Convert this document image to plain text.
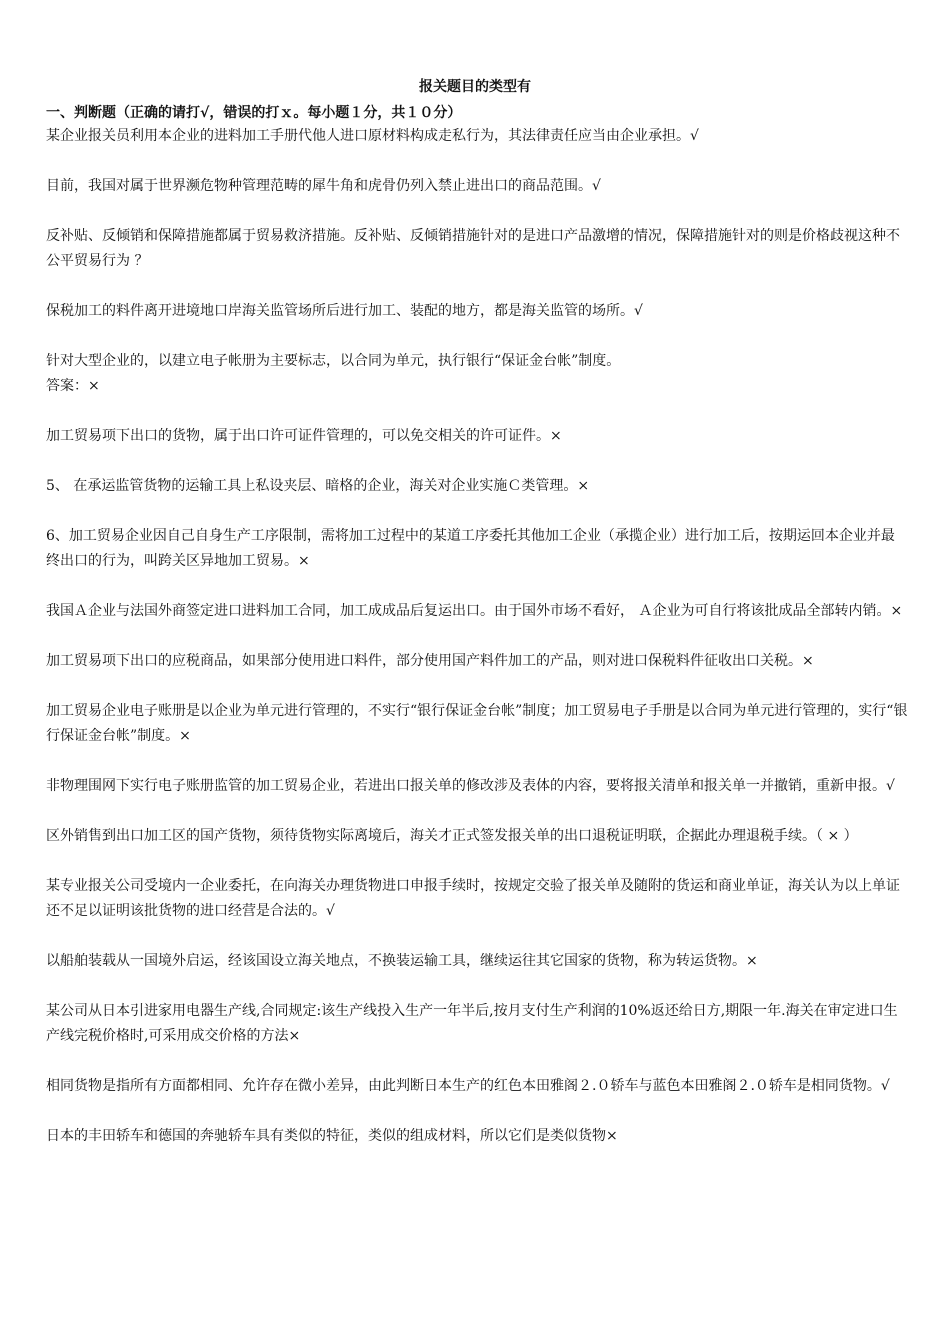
报关题目的类型有
一、判断题（正确的请打√，错误的打ｘ。每小题１分，共１０分）
某企业报关员利用本企业的进料加工手册代他人进口原材料构成走私行为，其法律责任应当由企业承担。√
目前，我国对属于世界濒危物种管理范畴的犀牛角和虎骨仍列入禁止进出口的商品范围。√
反补贴、反倾销和保障措施都属于贸易救济措施。反补贴、反倾销措施针对的是进口产品激增的情况，保障措施针对的则是价格歧视这种不公平贸易行为 ？
保税加工的料件离开进境地口岸海关监管场所后进行加工、装配的地方，都是海关监管的场所。√
针对大型企业的，以建立电子帐册为主要标志，以合同为单元，执行银行“保证金台帐”制度。
答案：×
加工贸易项下出口的货物，属于出口许可证件管理的，可以免交相关的许可证件。×
5、 在承运监管货物的运输工具上私设夹层、暗格的企业，海关对企业实施Ｃ类管理。×
6、加工贸易企业因自己自身生产工序限制，需将加工过程中的某道工序委托其他加工企业（承揽企业）进行加工后，按期运回本企业并最终出口的行为，叫跨关区异地加工贸易。×
我国Ａ企业与法国外商签定进口进料加工合同，加工成成品后复运出口。由于国外市场不看好， Ａ企业为可自行将该批成品全部转内销。×
加工贸易项下出口的应税商品，如果部分使用进口料件，部分使用国产料件加工的产品，则对进口保税料件征收出口关税。×
加工贸易企业电子账册是以企业为单元进行管理的，不实行“银行保证金台帐”制度；加工贸易电子手册是以合同为单元进行管理的，实行“银行保证金台帐”制度。×
非物理围网下实行电子账册监管的加工贸易企业，若进出口报关单的修改涉及表体的内容，要将报关清单和报关单一并撤销，重新申报。√
区外销售到出口加工区的国产货物，须待货物实际离境后，海关才正式签发报关单的出口退税证明联，企据此办理退税手续。（ × ）
某专业报关公司受境内一企业委托，在向海关办理货物进口申报手续时，按规定交验了报关单及随附的货运和商业单证，海关认为以上单证还不足以证明该批货物的进口经营是合法的。√
以船舶装载从一国境外启运，经该国设立海关地点，不换装运输工具，继续运往其它国家的货物，称为转运货物。×
某公司从日本引进家用电器生产线,合同规定:该生产线投入生产一年半后,按月支付生产利润的10%返还给日方,期限一年.海关在审定进口生产线完税价格时,可采用成交价格的方法×
相同货物是指所有方面都相同、允许存在微小差异，由此判断日本生产的红色本田雅阁２.０轿车与蓝色本田雅阁２.０轿车是相同货物。√
日本的丰田轿车和德国的奔驰轿车具有类似的特征，类似的组成材料，所以它们是类似货物×
